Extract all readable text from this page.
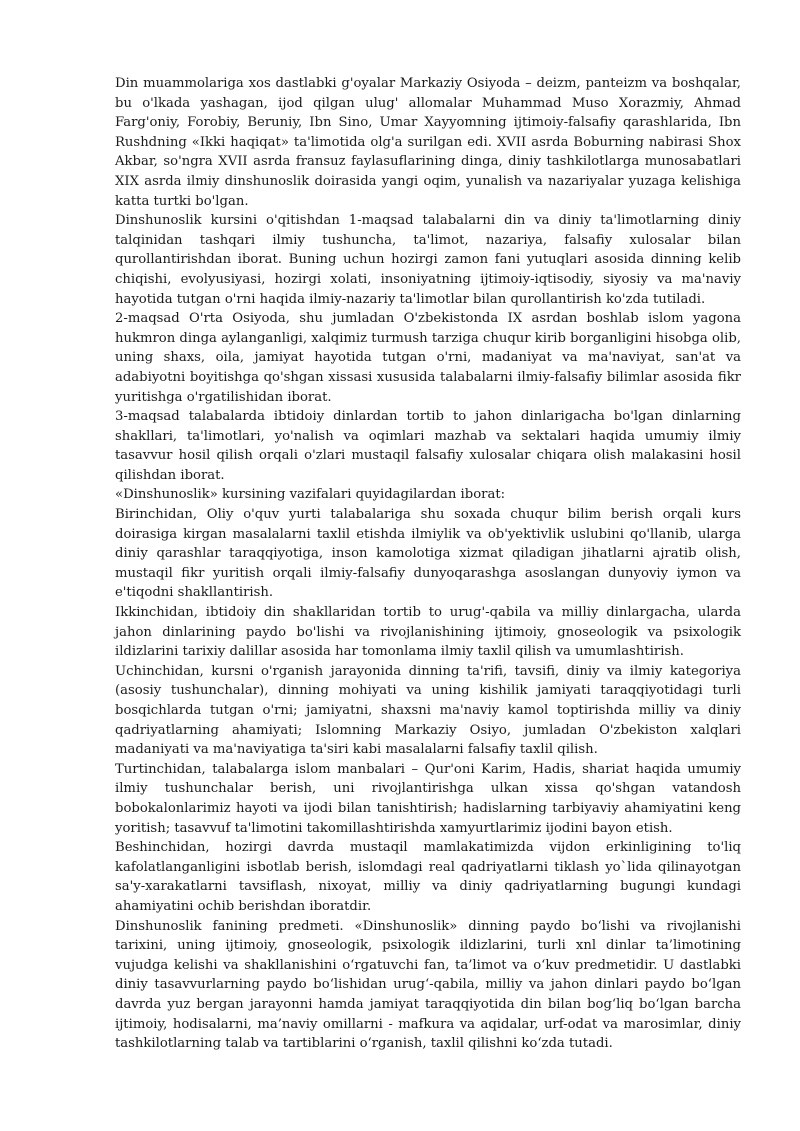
Din muammolariga xos dastlabki g'oyalar Markaziy Osiyoda – deizm, panteizm va boshqalar, bu o'lkada yashagan, ijod qilgan ulug' allomalar Muhammad Muso Xorazmiy, Ahmad Farg'oniy, Forobiy, Beruniy, Ibn Sino, Umar Xayyomning ijtimoiy-falsafiy qarashlarida, Ibn Rushdning «Ikki haqiqat» ta'limotida olg'a surilgan edi. XVII asrda Boburning nabirasi Shox Akbar, so'ngra XVII asrda fransuz faylasuflarining dinga, diniy tashkilotlarga munosabatlari XIX asrda ilmiy dinshunoslik doirasida yangi oqim, yunalish va nazariyalar yuzaga kelishiga katta turtki bo'lgan.

Dinshunoslik kursini o'qitishdan 1-maqsad talabalarni din va diniy ta'limotlarning diniy talqinidan tashqari ilmiy tushuncha, ta'limot, nazariya, falsafiy xulosalar bilan qurollantirishdan iborat. Buning uchun hozirgi zamon fani yutuqlari asosida dinning kelib chiqishi, evolyusiyasi, hozirgi xolati, insoniyatning ijtimoiy-iqtisodiy, siyosiy va ma'naviy hayotida tutgan o'rni haqida ilmiy-nazariy ta'limotlar bilan qurollantirish ko'zda tutiladi.

2-maqsad O'rta Osiyoda, shu jumladan O'zbekistonda IX asrdan boshlab islom yagona hukmron dinga aylanganligi, xalqimiz turmush tarziga chuqur kirib borganligini hisobga olib, uning shaxs, oila, jamiyat hayotida tutgan o'rni, madaniyat va ma'naviyat, san'at va adabiyotni boyitishga qo'shgan xissasi xususida talabalarni ilmiy-falsafiy bilimlar asosida fikr yuritishga o'rgatilishidan iborat.

3-maqsad talabalarda ibtidoiy dinlardan tortib to jahon dinlarigacha bo'lgan dinlarning shakllari, ta'limotlari, yo'nalish va oqimlari mazhab va sektalari haqida umumiy ilmiy tasavvur hosil qilish orqali o'zlari mustaqil falsafiy xulosalar chiqara olish malakasini hosil qilishdan iborat.

«Dinshunoslik» kursining vazifalari quyidagilardan iborat:

Birinchidan, Oliy o'quv yurti talabalariga shu soxada chuqur bilim berish orqali kurs doirasiga kirgan masalalarni taxlil etishda ilmiylik va ob'yektivlik uslubini qo'llanib, ularga diniy qarashlar taraqqiyotiga, inson kamolotiga xizmat qiladigan jihatlarni ajratib olish, mustaqil fikr yuritish orqali ilmiy-falsafiy dunyoqarashga asoslangan dunyoviy iymon va e'tiqodni shakllantirish.

Ikkinchidan, ibtidoiy din shakllaridan tortib to urug'-qabila va milliy dinlargacha, ularda jahon dinlarining paydo bo'lishi va rivojlanishining ijtimoiy, gnoseologik va psixologik ildizlarini tarixiy dalillar asosida har tomonlama ilmiy taxlil qilish va umumlashtirish.

Uchinchidan, kursni o'rganish jarayonida dinning ta'rifi, tavsifi, diniy va ilmiy kategoriya (asosiy tushunchalar), dinning mohiyati va uning kishilik jamiyati taraqqiyotidagi turli bosqichlarda tutgan o'rni; jamiyatni, shaxsni ma'naviy kamol toptirishda milliy va diniy qadriyatlarning ahamiyati; Islomning Markaziy Osiyo, jumladan O'zbekiston xalqlari madaniyati va ma'naviyatiga ta'siri kabi masalalarni falsafiy taxlil qilish.

Turtinchidan, talabalarga islom manbalari – Qur'oni Karim, Hadis, shariat haqida umumiy ilmiy tushunchalar berish, uni rivojlantirishga ulkan xissa qo'shgan vatandosh bobokalonlarimiz hayoti va ijodi bilan tanishtirish; hadislarning tarbiyaviy ahamiyatini keng yoritish; tasavvuf ta'limotini takomillashtirishda xamyurtlarimiz ijodini bayon etish.

Beshinchidan, hozirgi davrda mustaqil mamlakatimizda vijdon erkinligining to'liq kafolatlanganligini isbotlab berish, islomdagi real qadriyatlarni tiklash yo`lida qilinayotgan sa'y-xarakatlarni tavsiflash, nixoyat, milliy va diniy qadriyatlarning bugungi kundagi ahamiyatini ochib berishdan iboratdir.

Dinshunoslik fanining predmeti. «Dinshunoslik» dinning paydo bo‘lishi va rivojlanishi tarixini, uning ijtimoiy, gnoseologik, psixologik ildizlarini, turli xnl dinlar ta’limotining vujudga kelishi va shakllanishini o‘rgatuvchi fan, ta’limot va o‘kuv predmetidir. U dastlabki diniy tasavvurlarning paydo bo‘lishidan urug‘-qabila, milliy va jahon dinlari paydo bo‘lgan davrda yuz bergan jarayonni hamda jamiyat taraqqiyotida din bilan bog‘liq bo‘lgan barcha ijtimoiy, hodisalarni, ma’naviy omillarni - mafkura va aqidalar, urf-odat va marosimlar, diniy tashkilotlarning talab va tartiblarini o‘rganish, taxlil qilishni ko‘zda tutadi.
